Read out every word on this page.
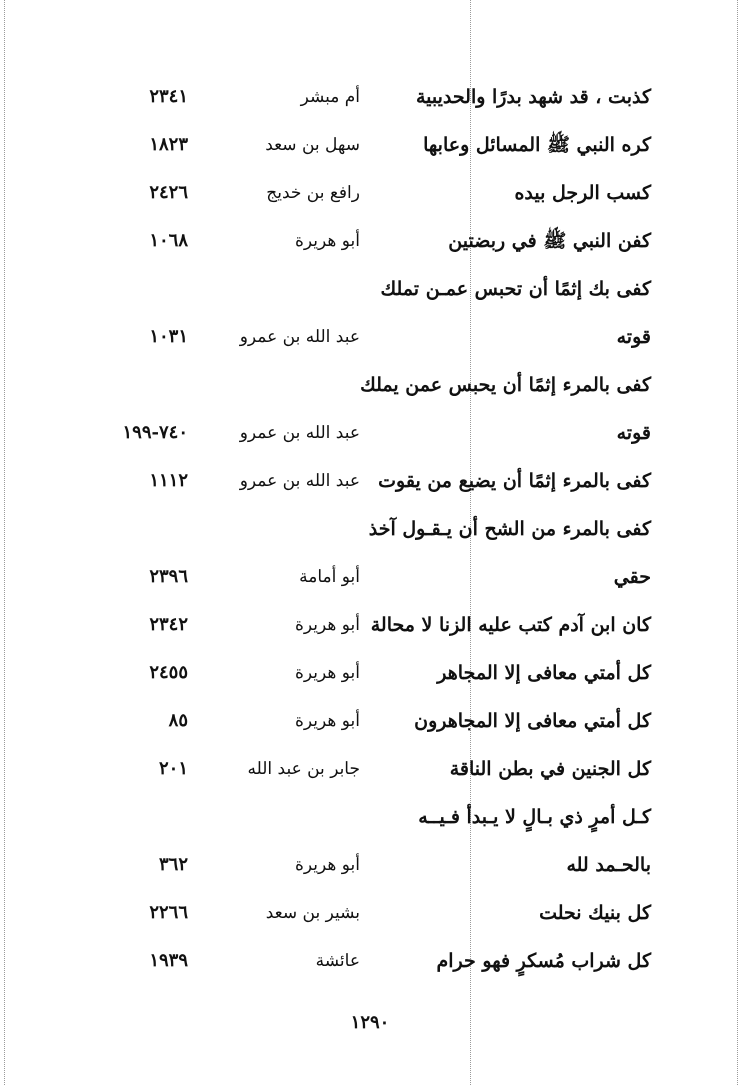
كذبت ، قد شهد بدرًا والحديبية
أم مبشر
٢٣٤١
كره النبي ﷺ المسائل وعابها
سهل بن سعد
١٨٢٣
كسب الرجل بيده
رافع بن خديج
٢٤٢٦
كفن النبي ﷺ في ربضتين
أبو هريرة
١٠٦٨
كفى بك إثمًا أن تحبس عمـن تملك
قوته
عبد الله بن عمرو
١٠٣١
كفى بالمرء إثمًا أن يحبس عمن يملك
قوته
عبد الله بن عمرو
٧٤٠-١٩٩
كفى بالمرء إثمًا أن يضيع من يقوت
عبد الله بن عمرو
١١١٢
كفى بالمرء من الشح أن يـقـول آخذ
حقي
أبو أمامة
٢٣٩٦
كان ابن آدم كتب عليه الزنا لا محالة
أبو هريرة
٢٣٤٢
كل أمتي معافى إلا المجاهر
أبو هريرة
٢٤٥٥
كل أمتي معافى إلا المجاهرون
أبو هريرة
٨٥
كل الجنين في بطن الناقة
جابر بن عبد الله
٢٠١
كـل أمرٍ ذي بـالٍ لا يـبدأ فـيــه
بالحـمد لله
أبو هريرة
٣٦٢
كل بنيك نحلت
بشير بن سعد
٢٢٦٦
كل شراب مُسكرٍ فهو حرام
عائشة
١٩٣٩
١٢٩٠
